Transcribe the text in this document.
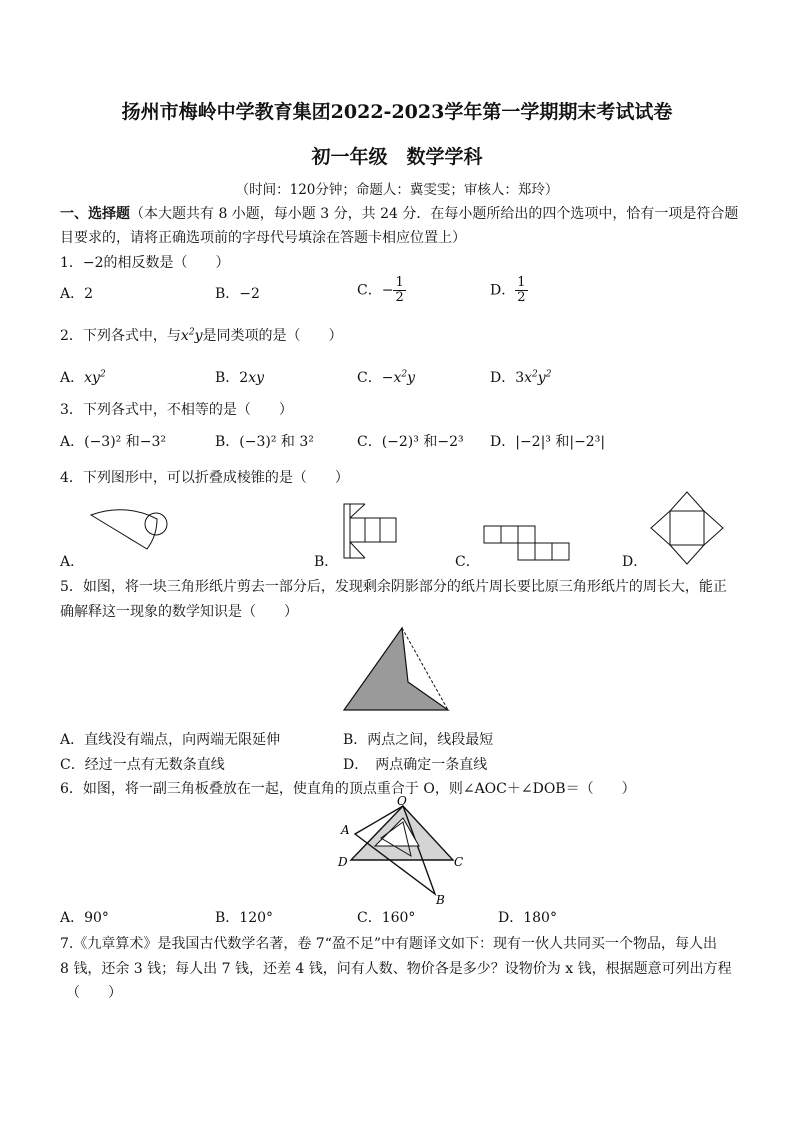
扬州市梅岭中学教育集团2022-2023学年第一学期期末考试试卷
初一年级　数学学科
（时间：120分钟；命题人：冀雯雯；审核人：郑玲）
一、选择题（本大题共有 8 小题，每小题 3 分，共 24 分．在每小题所给出的四个选项中，恰有一项是符合题
目要求的，请将正确选项前的字母代号填涂在答题卡相应位置上）
1．−2的相反数是（　　）
A．2	B．−2	C．− $\frac{1}{2}$	D． $\frac{1}{2}$
2．下列各式中，与$x^2y$是同类项的是（　　）
A．$xy^2$	B．2xy	C．$-x^2y$	D．$3x^2y^2$
3．下列各式中，不相等的是（　　）
A．(−3)² 和−3²	B．(−3)² 和 3²	C．(−2)³ 和−2³ D．|−2|³ 和|−2³|
4．下列图形中，可以折叠成棱锥的是（　　）
A．	B．	C．	D．
5．如图，将一块三角形纸片剪去一部分后，发现剩余阴影部分的纸片周长要比原三角形纸片的周长大，能正
确解释这一现象的数学知识是（　　）
A．直线没有端点，向两端无限延伸	B．两点之间，线段最短
C．经过一点有无数条直线	D．　两点确定一条直线
6．如图，将一副三角板叠放在一起，使直角的顶点重合于 O，则∠AOC＋∠DOB＝（　　）
O
A
D	C
B
A．90°	B．120°	C．160°	D．180°
7.《九章算术》是我国古代数学名著，卷 7“盈不足”中有题译文如下：现有一伙人共同买一个物品，每人出
8 钱，还余 3 钱；每人出 7 钱，还差 4 钱，问有人数、物价各是多少？设物价为 x 钱，根据题意可列出方程
（　　）
